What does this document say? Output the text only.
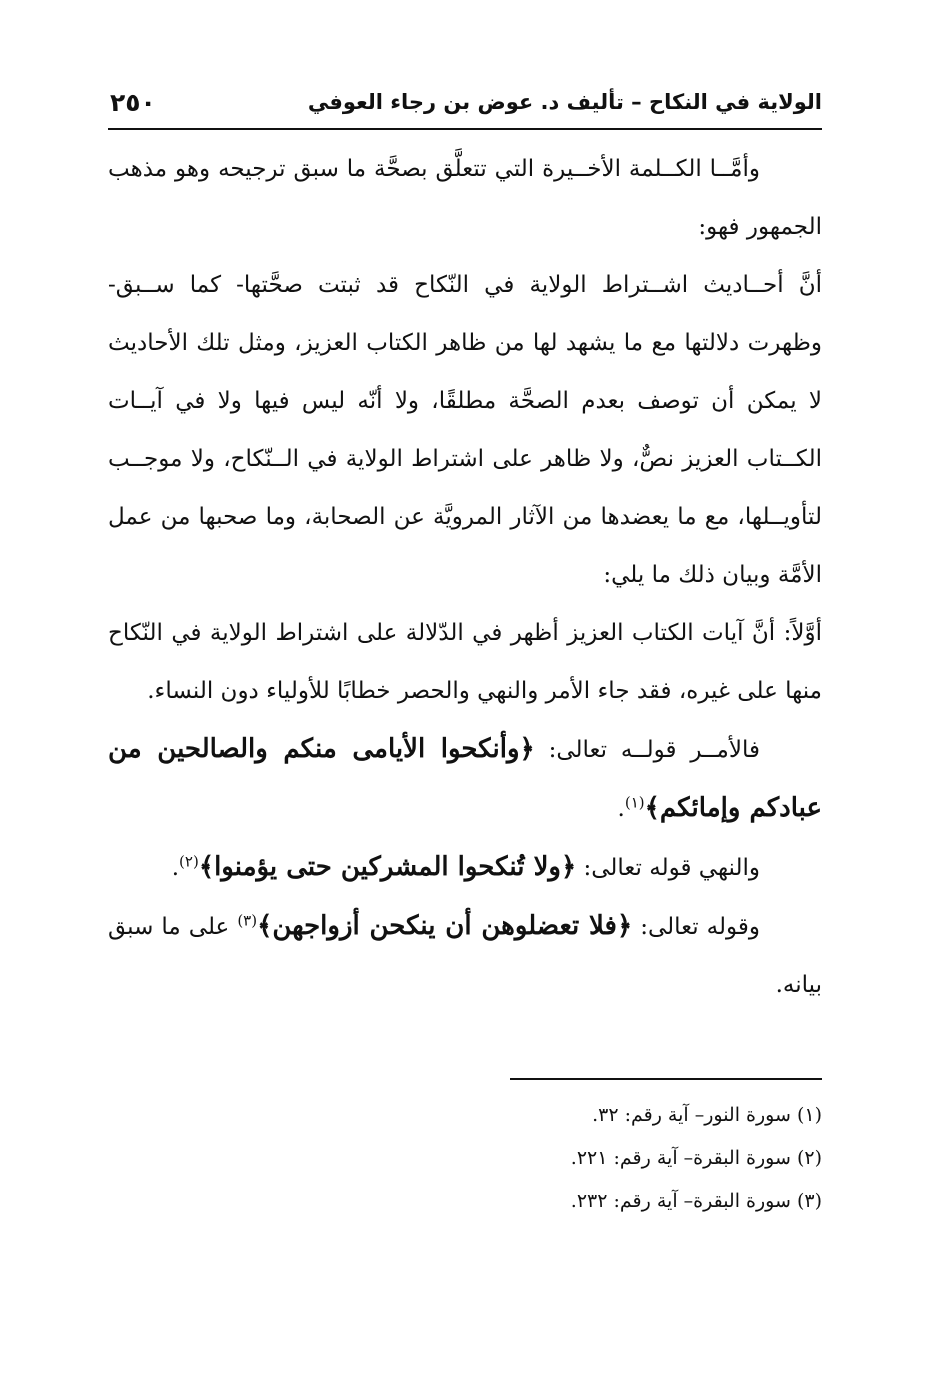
الولاية في النكاح – تأليف د. عوض بن رجاء العوفي
٢٥٠

وأمَّــا الكــلمة الأخــيرة التي تتعلَّق بصحَّة ما سبق ترجيحه وهو مذهب الجمهور فهو:

أنَّ أحــاديث اشــتراط الولاية في النّكاح قد ثبتت صحَّتها- كما ســبق- وظهرت دلالتها مع ما يشهد لها من ظاهر الكتاب العزيز، ومثل تلك الأحاديث لا يمكن أن توصف بعدم الصحَّة مطلقًا، ولا أنّه ليس فيها ولا في آيــات الكــتاب العزيز نصٌّ، ولا ظاهر على اشتراط الولاية في الــنّكاح، ولا موجــب لتأويــلها، مع ما يعضدها من الآثار المرويَّة عن الصحابة، وما صحبها من عمل الأمَّة وبيان ذلك ما يلي:

أوَّلاً: أنَّ آيات الكتاب العزيز أظهر في الدّلالة على اشتراط الولاية في النّكاح منها على غيره، فقد جاء الأمر والنهي والحصر خطابًا للأولياء دون النساء.

فالأمــر قولــه تعالى: ﴿وأنكحوا الأيامى منكم والصالحين من عبادكم وإمائكم﴾$^{(١)}$.

والنهي قوله تعالى: ﴿ولا تُنكحوا المشركين حتى يؤمنوا﴾$^{(٢)}$.

وقوله تعالى: ﴿فلا تعضلوهن أن ينكحن أزواجهن﴾$^{(٣)}$ على ما سبق بيانه.

(١) سورة النور– آية رقم: ٣٢.

(٢) سورة البقرة– آية رقم: ٢٢١.

(٣) سورة البقرة– آية رقم: ٢٣٢.
